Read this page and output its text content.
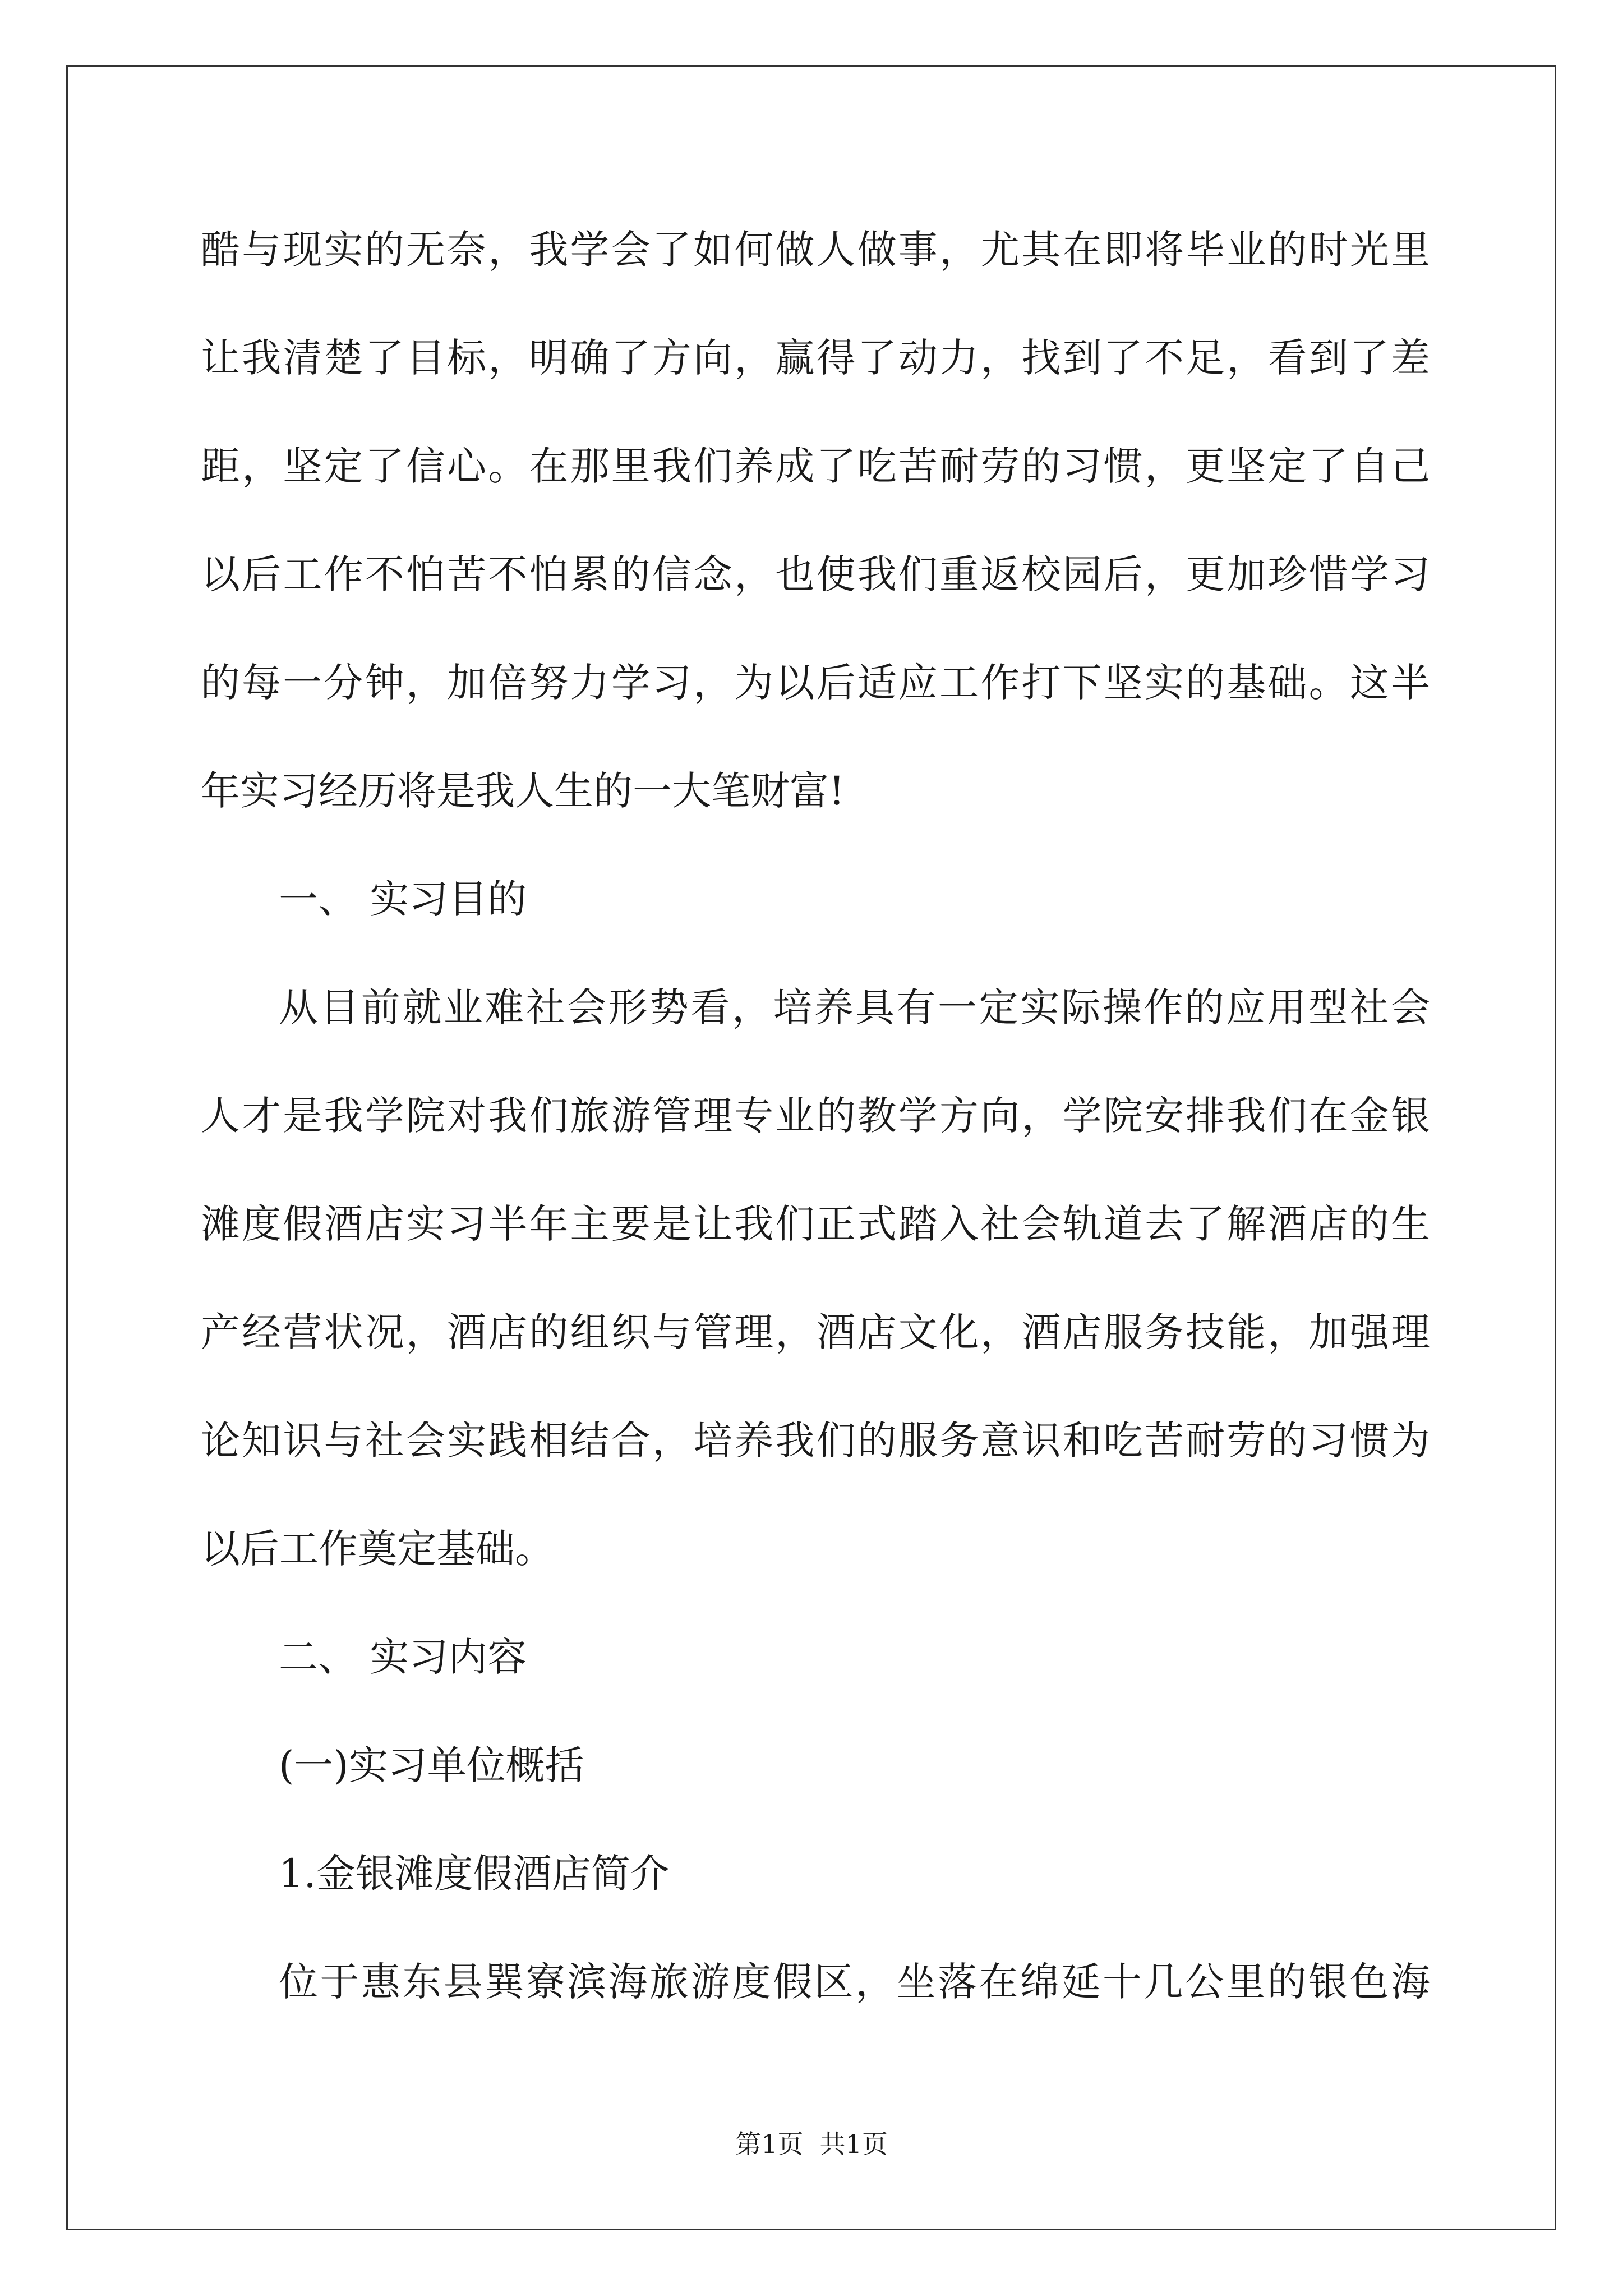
酷与现实的无奈，我学会了如何做人做事，尤其在即将毕业的时光里
让我清楚了目标，明确了方向，赢得了动力，找到了不足，看到了差
距，坚定了信心。在那里我们养成了吃苦耐劳的习惯，更坚定了自己
以后工作不怕苦不怕累的信念，也使我们重返校园后，更加珍惜学习
的每一分钟，加倍努力学习，为以后适应工作打下坚实的基础。这半
年实习经历将是我人生的一大笔财富!
一、 实习目的
从目前就业难社会形势看，培养具有一定实际操作的应用型社会
人才是我学院对我们旅游管理专业的教学方向，学院安排我们在金银
滩度假酒店实习半年主要是让我们正式踏入社会轨道去了解酒店的生
产经营状况，酒店的组织与管理，酒店文化，酒店服务技能，加强理
论知识与社会实践相结合，培养我们的服务意识和吃苦耐劳的习惯为
以后工作奠定基础。
二、 实习内容
(一)实习单位概括
1.金银滩度假酒店简介
位于惠东县巽寮滨海旅游度假区，坐落在绵延十几公里的银色海
第1页  共1页
